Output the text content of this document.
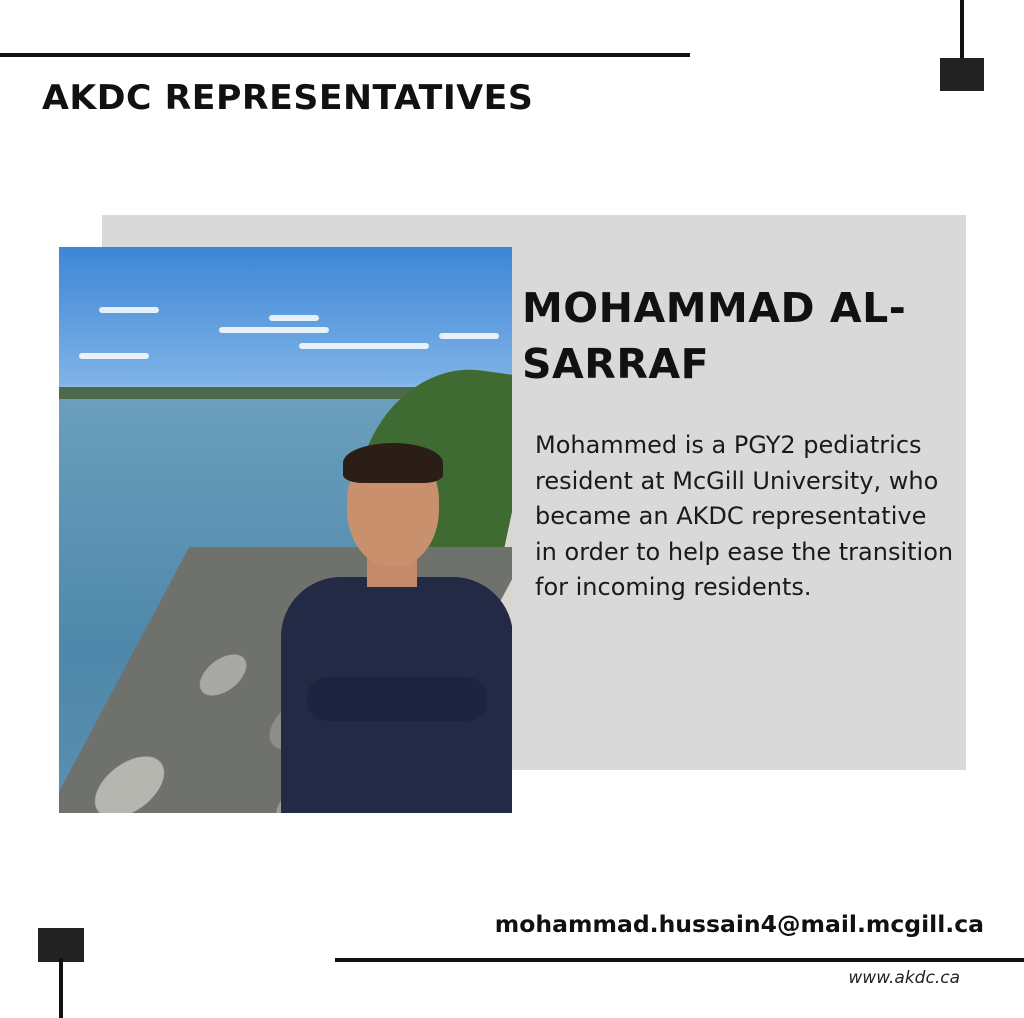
AKDC REPRESENTATIVES
MOHAMMAD AL-SARRAF

Mohammed is a PGY2 pediatrics resident at McGill University, who became an AKDC representative in order to help ease the transition for incoming residents.

mohammad.hussain4@mail.mcgill.ca
www.akdc.ca
